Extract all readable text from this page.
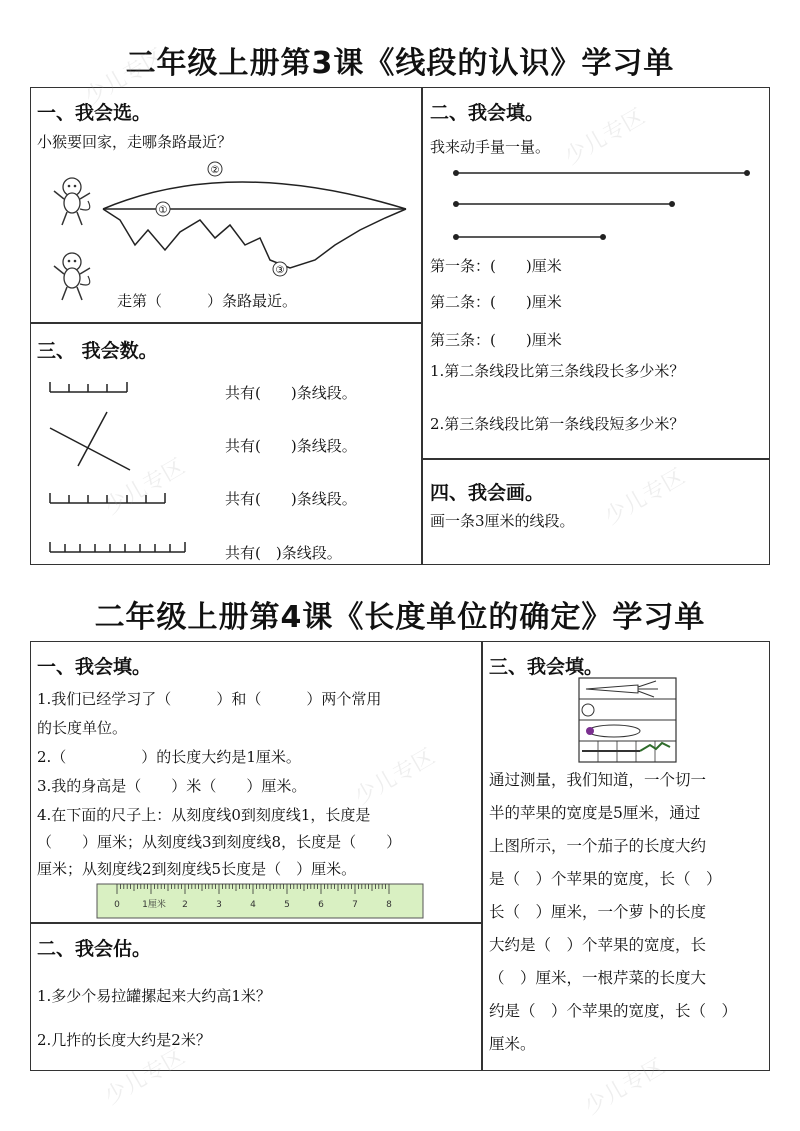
二年级上册第3课《线段的认识》学习单
一、我会选。
小猴要回家，走哪条路最近？
①
②
③
走第（　　　）条路最近。
二、我会填。
我来动手量一量。
第一条：(　　)厘米
第二条：(　　)厘米
第三条：(　　)厘米
1.第二条线段比第三条线段长多少米？
2.第三条线段比第一条线段短多少米？
三、 我会数。
共有(　　)条线段。
共有(　　)条线段。
共有(　　)条线段。
共有(　)条线段。
四、我会画。
画一条3厘米的线段。
二年级上册第4课《长度单位的确定》学习单
一、我会填。
1.我们已经学习了（　　　）和（　　　）两个常用
的长度单位。
2.（　　　　　）的长度大约是1厘米。
3.我的身高是（　　）米（　　）厘米。
4.在下面的尺子上：从刻度线0到刻度线1，长度是
（　　）厘米；从刻度线3到刻度线8，长度是（　　）
厘米；从刻度线2到刻度线5长度是（　）厘米。
0 1厘米 2	3	4	5	6	7	8
二、我会估。
1.多少个易拉罐摞起来大约高1米？
2.几拃的长度大约是2米？
三、我会填。
通过测量，我们知道，一个切一
半的苹果的宽度是5厘米，通过
上图所示，一个茄子的长度大约
是（　）个苹果的宽度，长（　）
长（　）厘米，一个萝卜的长度
大约是（　）个苹果的宽度，长
（　）厘米，一根芹菜的长度大
约是（　）个苹果的宽度，长（　）
厘米。
少儿专区
少儿专区
少儿专区	少儿专区
少儿专区
少儿专区	少儿专区
